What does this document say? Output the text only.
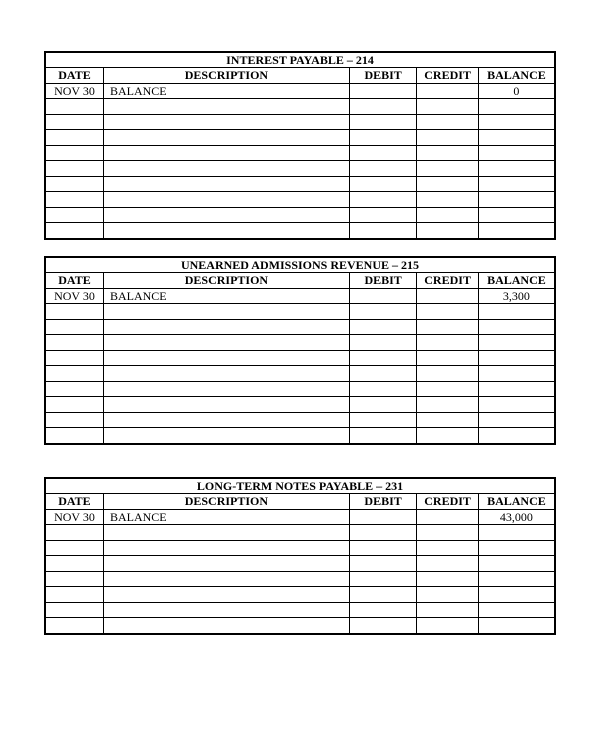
INTEREST PAYABLE – 214				
DATE	DESCRIPTION	DEBIT	CREDIT	BALANCE
NOV 30	BALANCE			0

UNEARNED ADMISSIONS REVENUE – 215				
DATE	DESCRIPTION	DEBIT	CREDIT	BALANCE
NOV 30	BALANCE			3,300

LONG-TERM NOTES PAYABLE – 231				
DATE	DESCRIPTION	DEBIT	CREDIT	BALANCE
NOV 30	BALANCE			43,000
